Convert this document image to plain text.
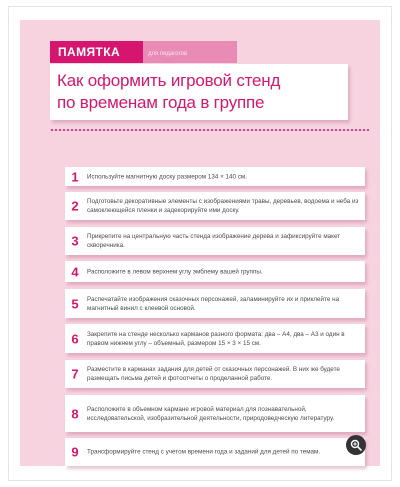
ПАМЯТКА	для педагогов
Как оформить игровой стенд
по временам года в группе
1	Используйте магнитную доску размером 134 × 140 см.
2	Подготовьте декоративные элементы с изображениями травы, деревьев, водоема и неба из самоклеющейся пленки и задекорируйте ими доску.
3	Прикрепите на центральную часть стенда изображение дерева и зафиксируйте макет скворечника.
4	Расположите в левом верхнем углу эмблему вашей группы.
5	Распечатайте изображения сказочных персонажей, заламинируйте их и приклейте на магнитный винил с клеевой основой.
6	Закрепите на стенде несколько карманов разного формата: два – А4, два – А3 и один в правом нижнем углу – объемный, размером 15 × 3 × 15 см.
7	Разместите в карманах задания для детей от сказочных персонажей. В них же будете размещать письма детей и фотоотчеты о проделанной работе.
8	Расположите в объемном кармане игровой материал для познавательной, исследовательской, изобразительной деятельности, природоведческую литературу.
9	Трансформируйте стенд с учетом времени года и заданий для детей по темам.
